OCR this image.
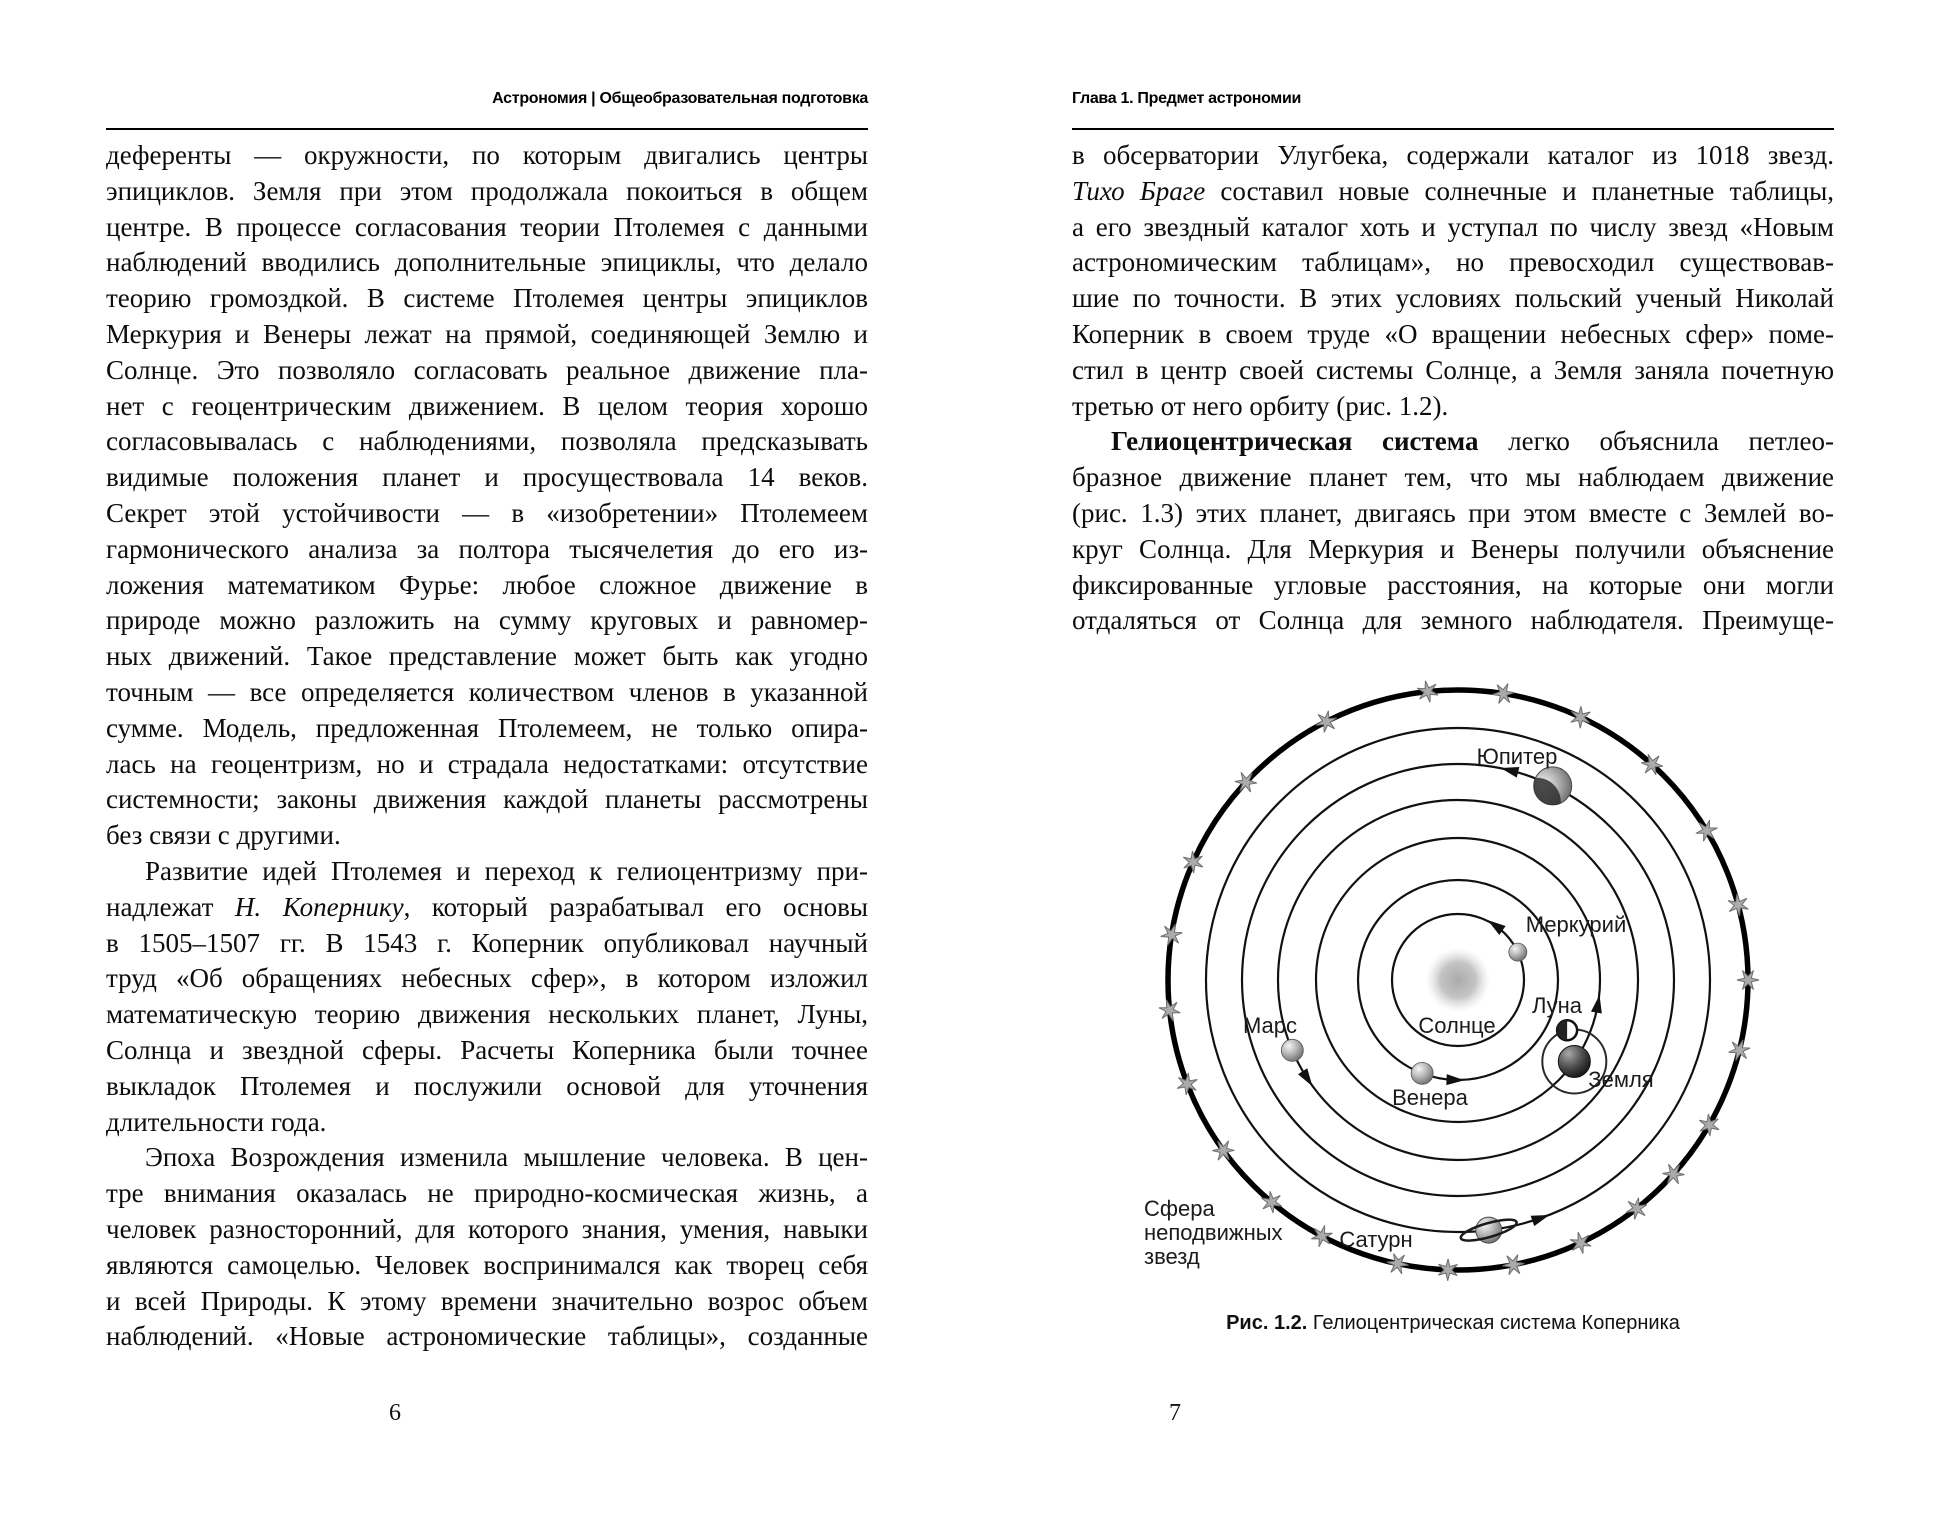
Астрономия | Общеобразовательная подготовка	Глава 1. Предмет астрономии
деференты — окружности, по которым двигались центры
эпициклов. Земля при этом продолжала покоиться в общем
центре. В процессе согласования теории Птолемея с данными
наблюдений вводились дополнительные эпициклы, что делало
теорию громоздкой. В системе Птолемея центры эпициклов
Меркурия и Венеры лежат на прямой, соединяющей Землю и
Солнце. Это позволяло согласовать реальное движение пла-
нет с геоцентрическим движением. В целом теория хорошо
согласовывалась с наблюдениями, позволяла предсказывать
видимые положения планет и просуществовала 14 веков.
Секрет этой устойчивости — в «изобретении» Птолемеем
гармонического анализа за полтора тысячелетия до его из-
ложения математиком Фурье: любое сложное движение в
природе можно разложить на сумму круговых и равномер-
ных движений. Такое представление может быть как угодно
точным — все определяется количеством членов в указанной
сумме. Модель, предложенная Птолемеем, не только опира-
лась на геоцентризм, но и страдала недостатками: отсутствие
системности; законы движения каждой планеты рассмотрены
без связи с другими.
Развитие идей Птолемея и переход к гелиоцентризму при-
надлежат Н. Копернику, который разрабатывал его основы
в 1505–1507 гг. В 1543 г. Коперник опубликовал научный
труд «Об обращениях небесных сфер», в котором изложил
математическую теорию движения нескольких планет, Луны,
Солнца и звездной сферы. Расчеты Коперника были точнее
выкладок Птолемея и послужили основой для уточнения
длительности года.
Эпоха Возрождения изменила мышление человека. В цен-
тре внимания оказалась не природно-космическая жизнь, а
человек разносторонний, для которого знания, умения, навыки
являются самоцелью. Человек воспринимался как творец себя
и всей Природы. К этому времени значительно возрос объем
наблюдений. «Новые астрономические таблицы», созданные
в обсерватории Улугбека, содержали каталог из 1018 звезд.
Тихо Браге составил новые солнечные и планетные таблицы,
а его звездный каталог хоть и уступал по числу звезд «Новым
астрономическим таблицам», но превосходил существовав-
шие по точности. В этих условиях польский ученый Николай
Коперник в своем труде «О вращении небесных сфер» поме-
стил в центр своей системы Солнце, а Земля заняла почетную
третью от него орбиту (рис. 1.2).
Гелиоцентрическая система легко объяснила петлео-
бразное движение планет тем, что мы наблюдаем движение
(рис. 1.3) этих планет, двигаясь при этом вместе с Землей во-
круг Солнца. Для Меркурия и Венеры получили объяснение
фиксированные угловые расстояния, на которые они могли
отдаляться от Солнца для земного наблюдателя. Преимуще-
Солнце
Меркурий
Венера
Земля
Луна
Марс
Юпитер
Сатурн
Сфера неподвижных звезд
Рис. 1.2. Гелиоцентрическая система Коперника
6	7
